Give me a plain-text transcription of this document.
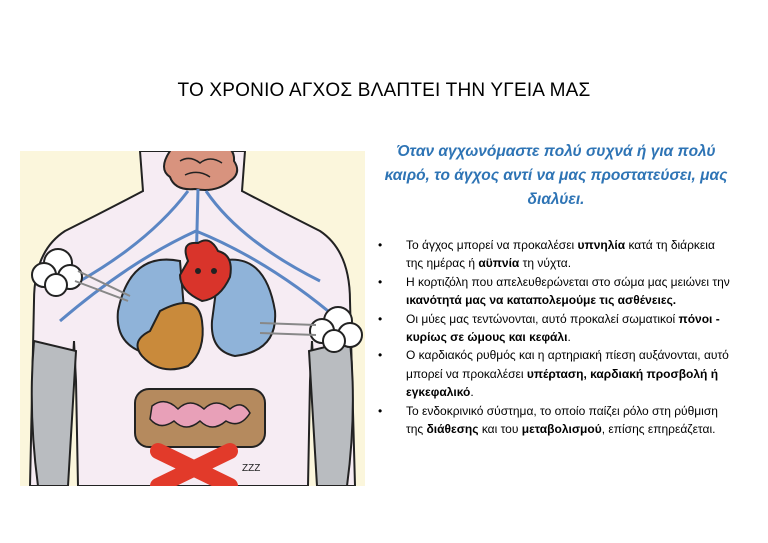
ΤΟ ΧΡΟΝΙΟ ΑΓΧΟΣ ΒΛΑΠΤΕΙ ΤΗΝ ΥΓΕΙΑ ΜΑΣ
ZZZ
Όταν αγχωνόμαστε πολύ συχνά ή για πολύ καιρό, το άγχος αντί να μας προστατεύσει, μας διαλύει.
• Το άγχος μπορεί να προκαλέσει υπνηλία κατά τη διάρκεια της ημέρας ή αϋπνία τη νύχτα.
• Η κορτιζόλη που απελευθερώνεται στο σώμα μας μειώνει την ικανότητά μας να καταπολεμούμε τις ασθένειες.
• Οι μύες μας τεντώνονται, αυτό προκαλεί σωματικοί πόνοι - κυρίως σε ώμους και κεφάλι.
• Ο καρδιακός ρυθμός και η αρτηριακή πίεση αυξάνονται, αυτό μπορεί να προκαλέσει υπέρταση, καρδιακή προσβολή ή εγκεφαλικό.
• Το ενδοκρινικό σύστημα, το οποίο παίζει ρόλο στη ρύθμιση της διάθεσης και του μεταβολισμού, επίσης επηρεάζεται.
